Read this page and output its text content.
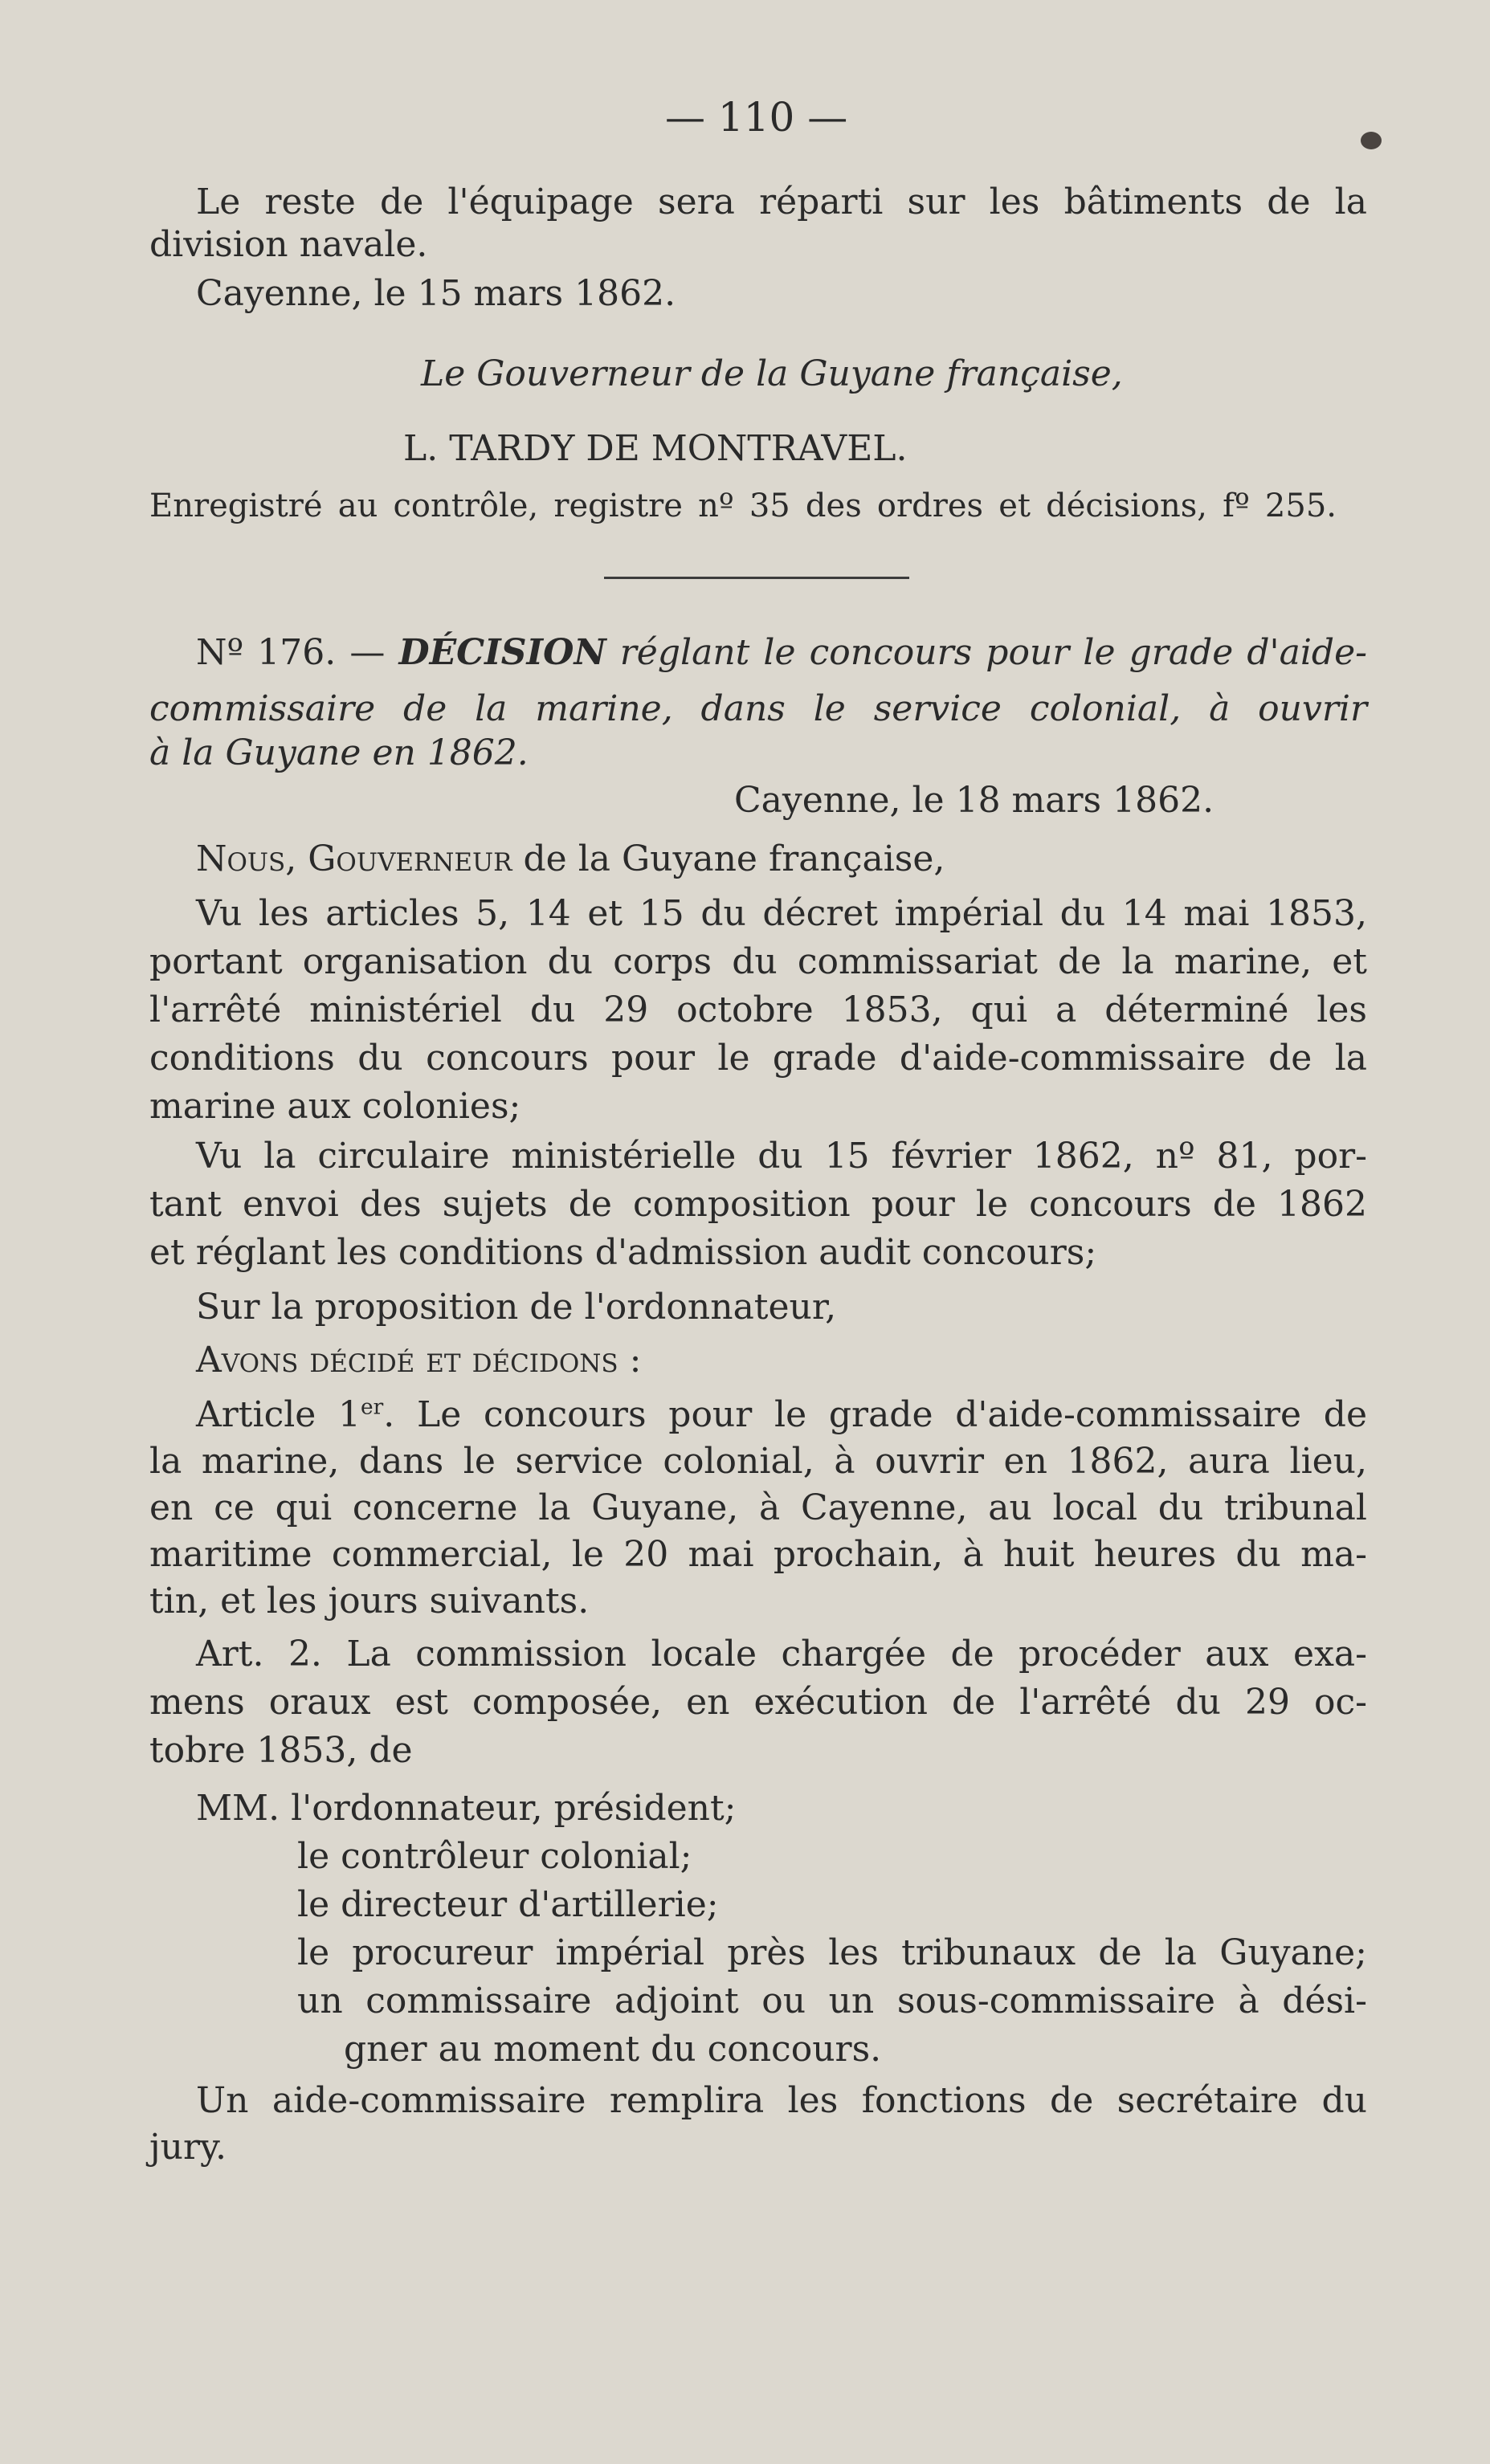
— 110 —

Le reste de l'équipage sera réparti sur les bâtiments de la

division navale.

Cayenne, le 15 mars 1862.

Le Gouverneur de la Guyane française,

L. TARDY DE MONTRAVEL.

Enregistré au contrôle, registre nº 35 des ordres et décisions, fº 255.

Nº 176. — DÉCISION réglant le concours pour le grade d'aide-

commissaire de la marine, dans le service colonial, à ouvrir

à la Guyane en 1862.

Cayenne, le 18 mars 1862.

Nous, Gouverneur de la Guyane française,

Vu les articles 5, 14 et 15 du décret impérial du 14 mai 1853,

portant organisation du corps du commissariat de la marine, et

l'arrêté ministériel du 29 octobre 1853, qui a déterminé les

conditions du concours pour le grade d'aide-commissaire de la

marine aux colonies;

Vu la circulaire ministérielle du 15 février 1862, nº 81, por-

tant envoi des sujets de composition pour le concours de 1862

et réglant les conditions d'admission audit concours;

Sur la proposition de l'ordonnateur,

Avons décidé et décidons :

Article 1er. Le concours pour le grade d'aide-commissaire de

la marine, dans le service colonial, à ouvrir en 1862, aura lieu,

en ce qui concerne la Guyane, à Cayenne, au local du tribunal

maritime commercial, le 20 mai prochain, à huit heures du ma-

tin, et les jours suivants.

Art. 2. La commission locale chargée de procéder aux exa-

mens oraux est composée, en exécution de l'arrêté du 29 oc-

tobre 1853, de

MM. l'ordonnateur, président;

le contrôleur colonial;

le directeur d'artillerie;

le procureur impérial près les tribunaux de la Guyane;

un commissaire adjoint ou un sous-commissaire à dési-

gner au moment du concours.

Un aide-commissaire remplira les fonctions de secrétaire du

jury.
